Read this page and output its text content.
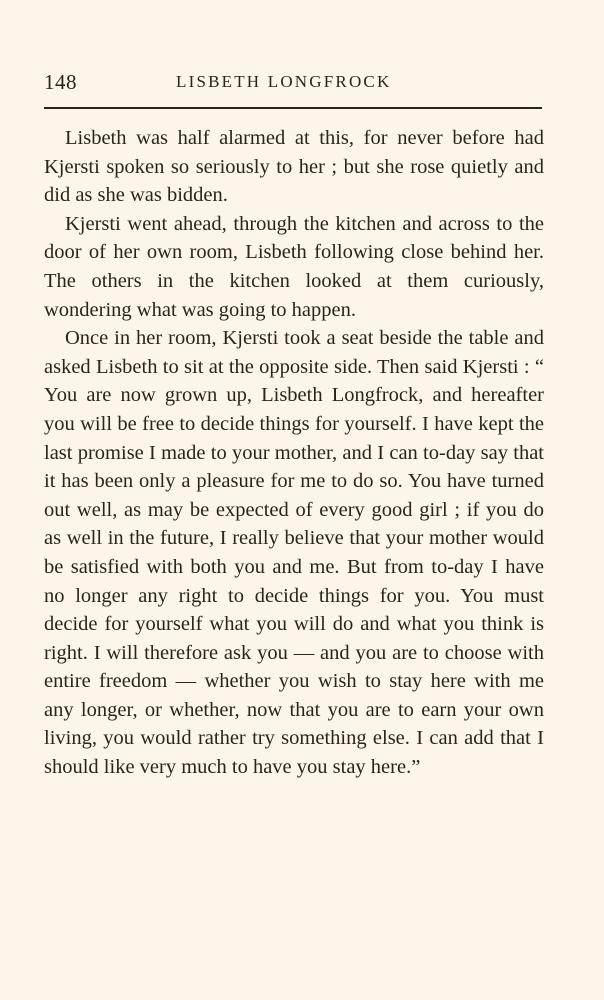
148	LISBETH LONGFROCK

Lisbeth was half alarmed at this, for never before had Kjersti spoken so seriously to her ; but she rose quietly and did as she was bidden.

Kjersti went ahead, through the kitchen and across to the door of her own room, Lisbeth following close behind her. The others in the kitchen looked at them curiously, wondering what was going to happen.

Once in her room, Kjersti took a seat beside the table and asked Lisbeth to sit at the opposite side. Then said Kjersti : “ You are now grown up, Lisbeth Longfrock, and hereafter you will be free to decide things for yourself. I have kept the last promise I made to your mother, and I can to-day say that it has been only a pleasure for me to do so. You have turned out well, as may be expected of every good girl ; if you do as well in the future, I really believe that your mother would be satisfied with both you and me. But from to-day I have no longer any right to decide things for you. You must decide for yourself what you will do and what you think is right. I will therefore ask you — and you are to choose with entire freedom — whether you wish to stay here with me any longer, or whether, now that you are to earn your own living, you would rather try something else. I can add that I should like very much to have you stay here.”
